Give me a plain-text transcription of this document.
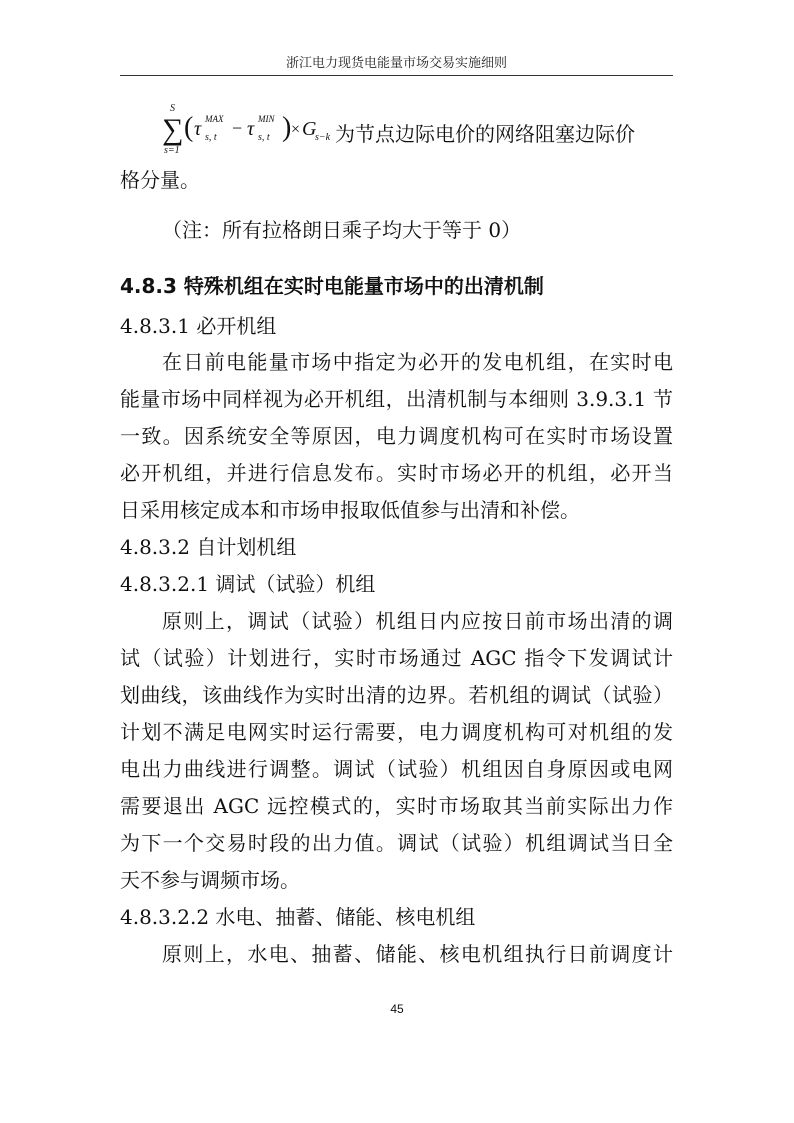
浙江电力现货电能量市场交易实施细则
S
∑
s=1
( τ MAX
s, t − τ MIN
s, t ) × G
s−k 为节点边际电价的网络阻塞边际价
格分量。
（注：所有拉格朗日乘子均大于等于 0）
4.8.3 特殊机组在实时电能量市场中的出清机制
4.8.3.1 必开机组
在日前电能量市场中指定为必开的发电机组，在实时电
能量市场中同样视为必开机组，出清机制与本细则 3.9.3.1 节
一致。因系统安全等原因，电力调度机构可在实时市场设置
必开机组，并进行信息发布。实时市场必开的机组，必开当
日采用核定成本和市场申报取低值参与出清和补偿。
4.8.3.2 自计划机组
4.8.3.2.1 调试（试验）机组
原则上，调试（试验）机组日内应按日前市场出清的调
试（试验）计划进行，实时市场通过 AGC 指令下发调试计
划曲线，该曲线作为实时出清的边界。若机组的调试（试验）
计划不满足电网实时运行需要，电力调度机构可对机组的发
电出力曲线进行调整。调试（试验）机组因自身原因或电网
需要退出 AGC 远控模式的，实时市场取其当前实际出力作
为下一个交易时段的出力值。调试（试验）机组调试当日全
天不参与调频市场。
4.8.3.2.2 水电、抽蓄、储能、核电机组
原则上，水电、抽蓄、储能、核电机组执行日前调度计
45
